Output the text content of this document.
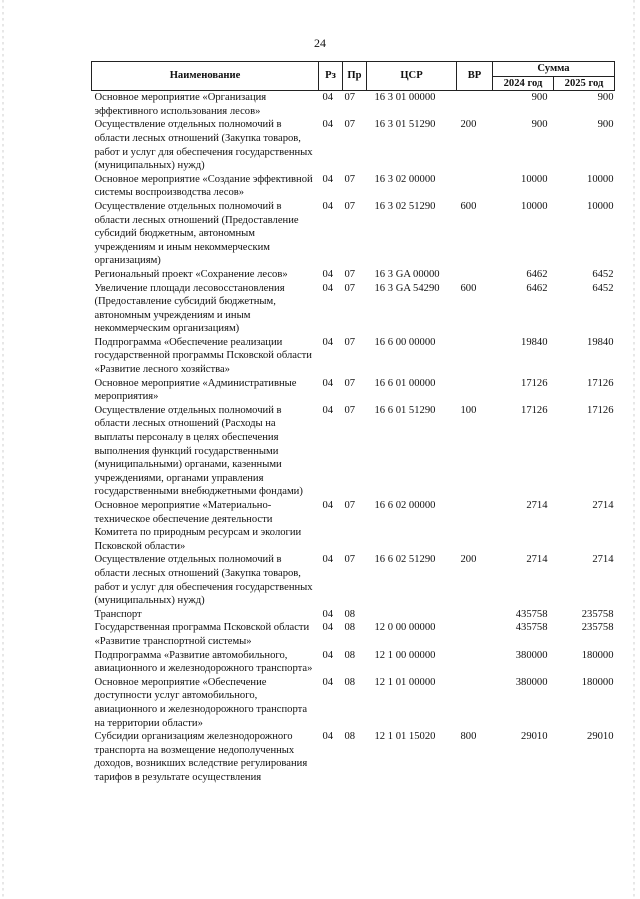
24
Наименование	Рз	Пр	ЦСР	ВР	Сумма	
					2024 год	2025 год
Основное мероприятие «Организация эффективного использования лесов»	04	07	16 3 01 00000		900	900
Осуществление отдельных полномочий в области лесных отношений (Закупка товаров, работ и услуг для обеспечения государственных (муниципальных) нужд)	04	07	16 3 01 51290	200	900	900
Основное мероприятие «Создание эффективной системы воспроизводства лесов»	04	07	16 3 02 00000		10000	10000
Осуществление отдельных полномочий в области лесных отношений (Предоставление субсидий бюджетным, автономным учреждениям и иным некоммерческим организациям)	04	07	16 3 02 51290	600	10000	10000
Региональный проект «Сохранение лесов»	04	07	16 3 GA 00000		6462	6452
Увеличение площади лесовосстановления (Предоставление субсидий бюджетным, автономным учреждениям и иным некоммерческим организациям)	04	07	16 3 GA 54290	600	6462	6452
Подпрограмма «Обеспечение реализации государственной программы Псковской области «Развитие лесного хозяйства»	04	07	16 6 00 00000		19840	19840
Основное мероприятие «Административные мероприятия»	04	07	16 6 01 00000		17126	17126
Осуществление отдельных полномочий в области лесных отношений (Расходы на выплаты персоналу в целях обеспечения выполнения функций государственными (муниципальными) органами, казенными учреждениями, органами управления государственными внебюджетными фондами)	04	07	16 6 01 51290	100	17126	17126
Основное мероприятие «Материально-техническое обеспечение деятельности Комитета по природным ресурсам и экологии Псковской области»	04	07	16 6 02 00000		2714	2714
Осуществление отдельных полномочий в области лесных отношений (Закупка товаров, работ и услуг для обеспечения государственных (муниципальных) нужд)	04	07	16 6 02 51290	200	2714	2714
Транспорт	04	08			435758	235758
Государственная программа Псковской области «Развитие транспортной системы»	04	08	12 0 00 00000		435758	235758
Подпрограмма «Развитие автомобильного, авиационного и железнодорожного транспорта»	04	08	12 1 00 00000		380000	180000
Основное мероприятие «Обеспечение доступности услуг автомобильного, авиационного и железнодорожного транспорта на территории области»	04	08	12 1 01 00000		380000	180000
Субсидии организациям железнодорожного транспорта на возмещение недополученных доходов, возникших вследствие регулирования тарифов в результате осуществления	04	08	12 1 01 15020	800	29010	29010
